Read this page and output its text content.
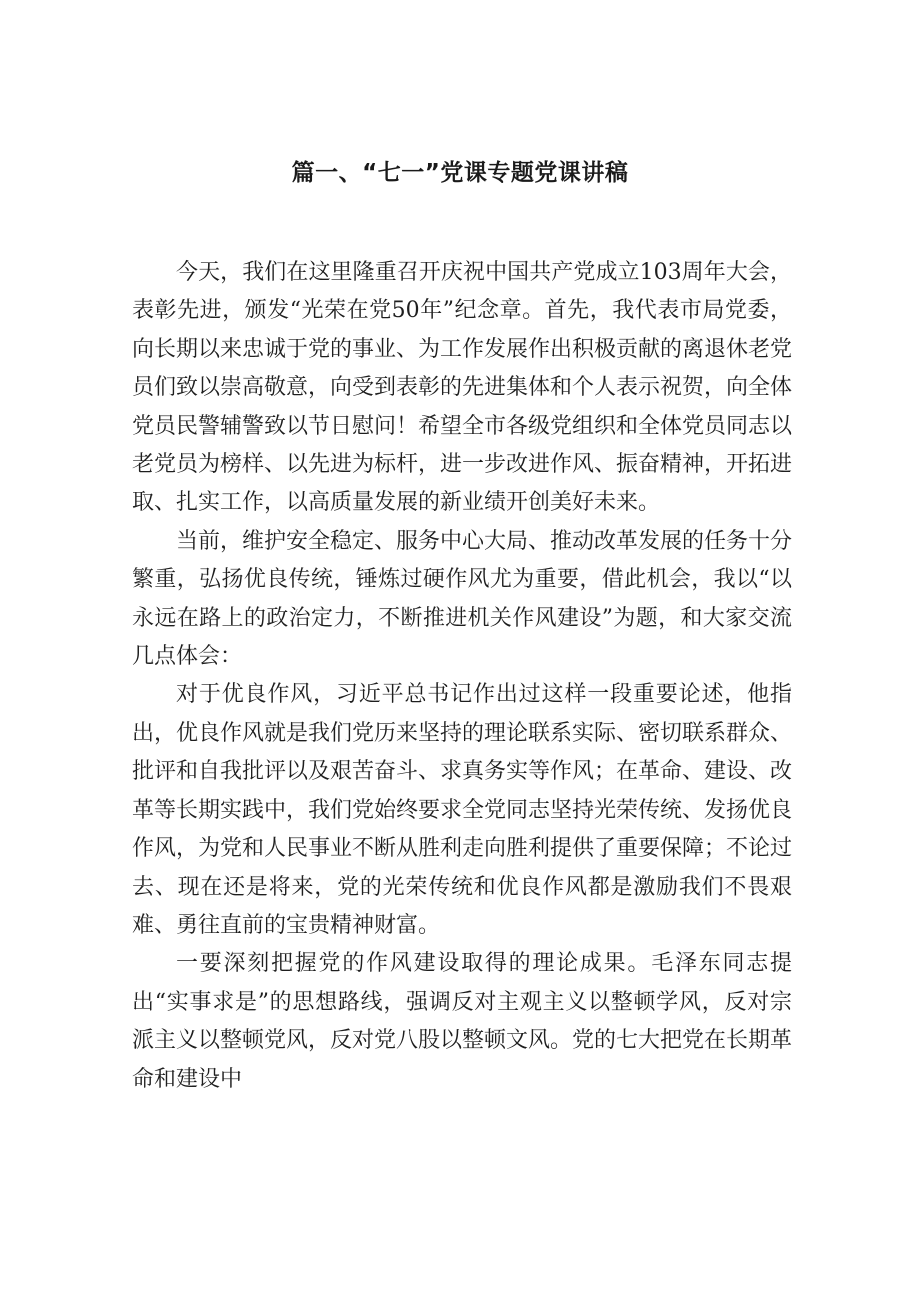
篇一、“七一”党课专题党课讲稿

今天，我们在这里隆重召开庆祝中国共产党成立103周年大会，表彰先进，颁发“光荣在党50年”纪念章。首先，我代表市局党委，向长期以来忠诚于党的事业、为工作发展作出积极贡献的离退休老党员们致以崇高敬意，向受到表彰的先进集体和个人表示祝贺，向全体党员民警辅警致以节日慰问！希望全市各级党组织和全体党员同志以老党员为榜样、以先进为标杆，进一步改进作风、振奋精神，开拓进取、扎实工作，以高质量发展的新业绩开创美好未来。

当前，维护安全稳定、服务中心大局、推动改革发展的任务十分繁重，弘扬优良传统，锤炼过硬作风尤为重要，借此机会，我以“以永远在路上的政治定力，不断推进机关作风建设”为题，和大家交流几点体会：

对于优良作风，习近平总书记作出过这样一段重要论述，他指出，优良作风就是我们党历来坚持的理论联系实际、密切联系群众、批评和自我批评以及艰苦奋斗、求真务实等作风；在革命、建设、改革等长期实践中，我们党始终要求全党同志坚持光荣传统、发扬优良作风，为党和人民事业不断从胜利走向胜利提供了重要保障；不论过去、现在还是将来，党的光荣传统和优良作风都是激励我们不畏艰难、勇往直前的宝贵精神财富。

一要深刻把握党的作风建设取得的理论成果。毛泽东同志提出“实事求是”的思想路线，强调反对主观主义以整顿学风，反对宗派主义以整顿党风，反对党八股以整顿文风。党的七大把党在长期革命和建设中
